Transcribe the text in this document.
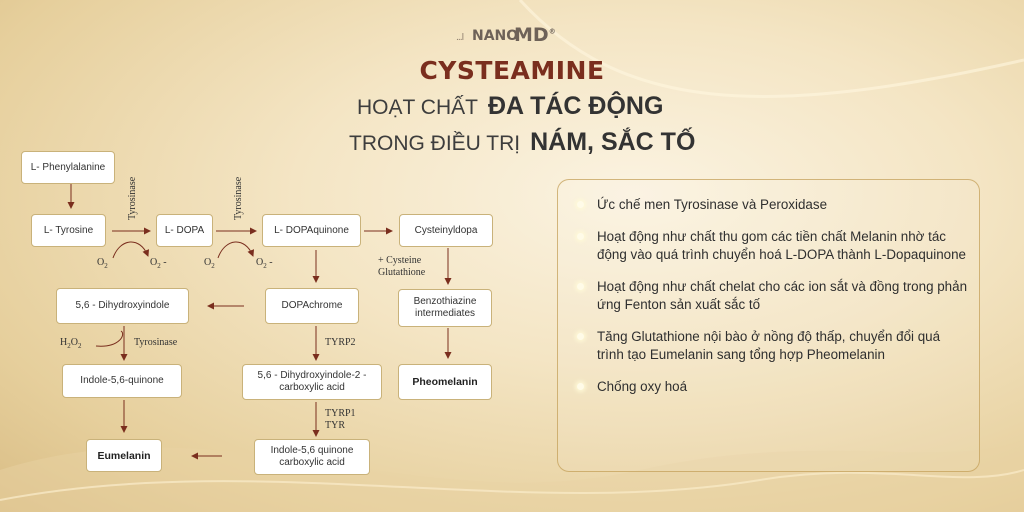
...l NANO
MD®
CYSTEAMINE
HOẠT CHẤT ĐA TÁC ĐỘNG
TRONG ĐIỀU TRỊ NÁM, SẮC TỐ
L- Phenylalanine
L- Tyrosine	L- DOPA	L- DOPAquinone	Cysteinyldopa
5,6 - Dihydroxyindole	DOPAchrome	Benzothiazine intermediates
Indole-5,6-quinone	5,6 - Dihydroxyindole-2 - carboxylic acid	Pheomelanin
Eumelanin	Indole-5,6 quinone carboxylic acid
Tyrosinase	Tyrosinase
$O_2$	$O_2$ -	$O_2$	$O_2$ -	+ Cysteine
Glutathione
$H_2O_2$	Tyrosinase	TYRP2
TYRP1
TYR
Ức chế men Tyrosinase và Peroxidase
Hoạt động như chất thu gom các tiền chất Melanin nhờ tác động vào quá trình chuyển hoá L-DOPA thành L-Dopaquinone
Hoạt động như chất chelat cho các ion sắt và đồng trong phản ứng Fenton sản xuất sắc tố
Tăng Glutathione nội bào ở nồng độ thấp, chuyển đổi quá trình tạo Eumelanin sang tổng hợp Pheomelanin
Chống oxy hoá
